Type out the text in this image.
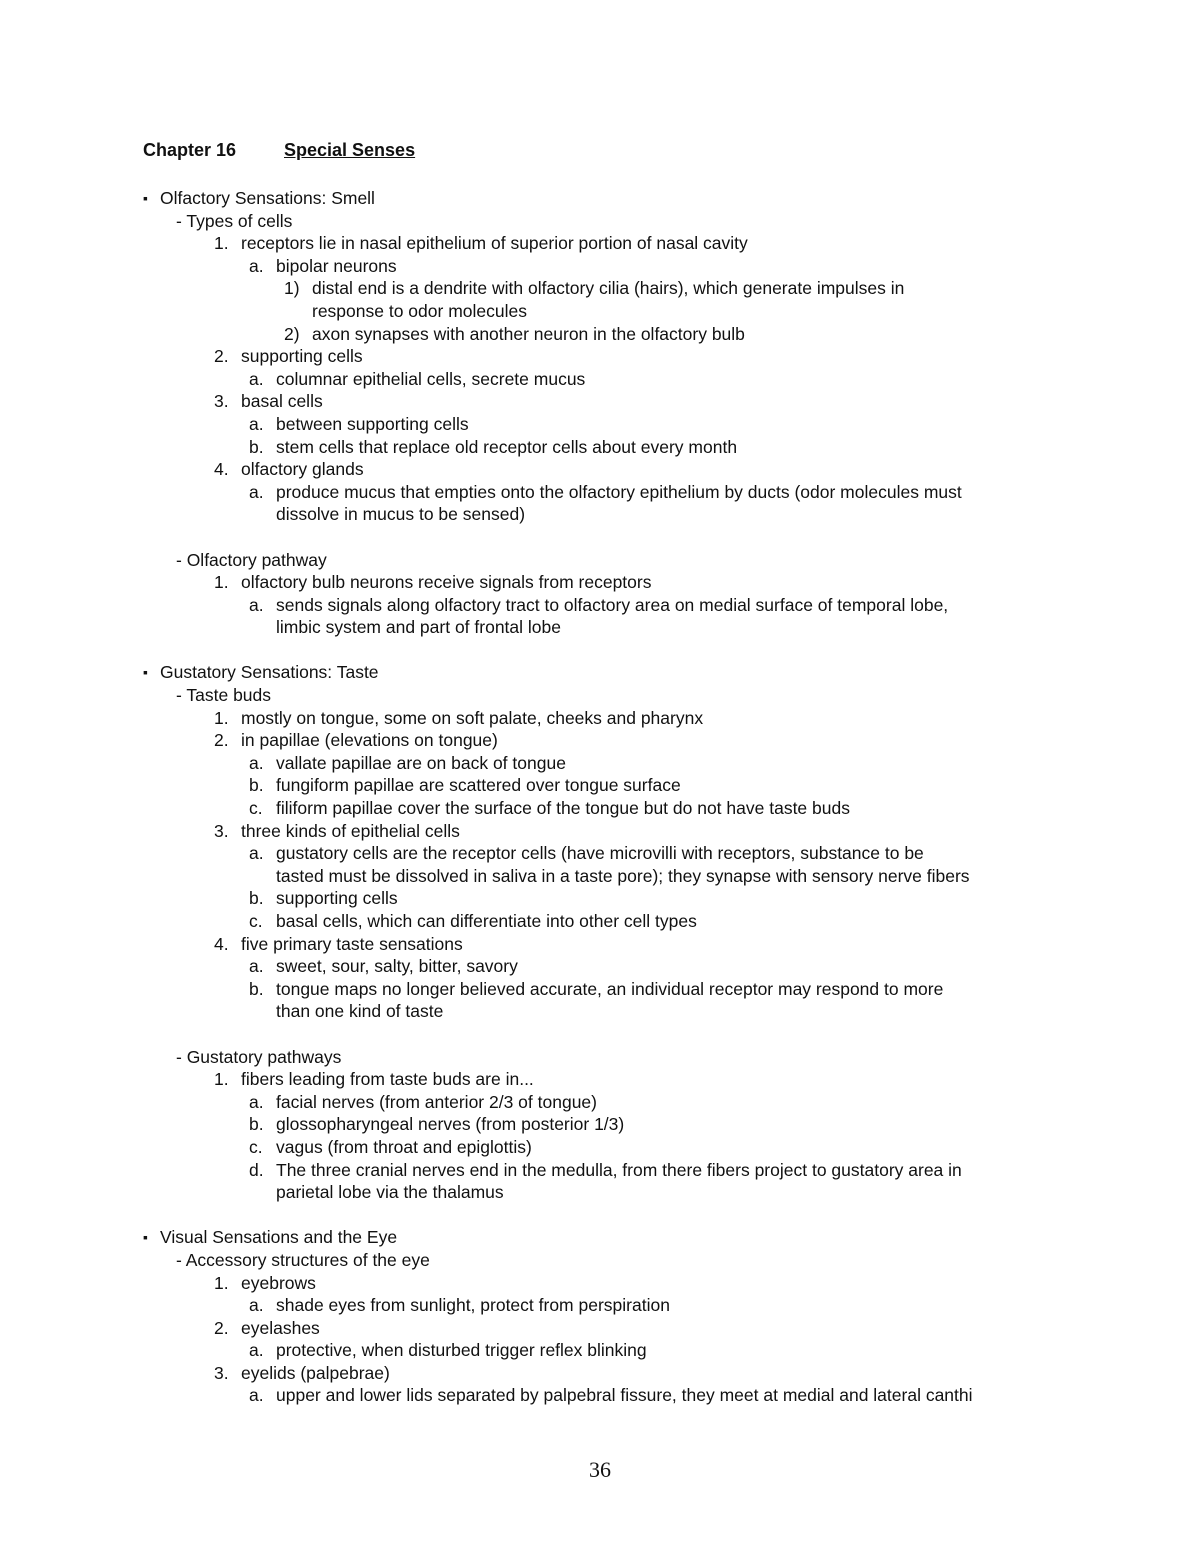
Chapter 16	Special Senses
▪ Olfactory Sensations: Smell
- Types of cells
1. receptors lie in nasal epithelium of superior portion of nasal cavity
a. bipolar neurons
1) distal end is a dendrite with olfactory cilia (hairs), which generate impulses in
response to odor molecules
2) axon synapses with another neuron in the olfactory bulb
2. supporting cells
a. columnar epithelial cells, secrete mucus
3. basal cells
a. between supporting cells
b. stem cells that replace old receptor cells about every month
4. olfactory glands
a. produce mucus that empties onto the olfactory epithelium by ducts (odor molecules must
dissolve in mucus to be sensed)
- Olfactory pathway
1. olfactory bulb neurons receive signals from receptors
a. sends signals along olfactory tract to olfactory area on medial surface of temporal lobe,
limbic system and part of frontal lobe
▪ Gustatory Sensations: Taste
- Taste buds
1. mostly on tongue, some on soft palate, cheeks and pharynx
2. in papillae (elevations on tongue)
a. vallate papillae are on back of tongue
b. fungiform papillae are scattered over tongue surface
c. filiform papillae cover the surface of the tongue but do not have taste buds
3. three kinds of epithelial cells
a. gustatory cells are the receptor cells (have microvilli with receptors, substance to be
tasted must be dissolved in saliva in a taste pore); they synapse with sensory nerve fibers
b. supporting cells
c. basal cells, which can differentiate into other cell types
4. five primary taste sensations
a. sweet, sour, salty, bitter, savory
b. tongue maps no longer believed accurate, an individual receptor may respond to more
than one kind of taste
- Gustatory pathways
1. fibers leading from taste buds are in...
a. facial nerves (from anterior 2/3 of tongue)
b. glossopharyngeal nerves (from posterior 1/3)
c. vagus (from throat and epiglottis)
d. The three cranial nerves end in the medulla, from there fibers project to gustatory area in
parietal lobe via the thalamus
▪ Visual Sensations and the Eye
- Accessory structures of the eye
1. eyebrows
a. shade eyes from sunlight, protect from perspiration
2. eyelashes
a. protective, when disturbed trigger reflex blinking
3. eyelids (palpebrae)
a. upper and lower lids separated by palpebral fissure, they meet at medial and lateral canthi
36
